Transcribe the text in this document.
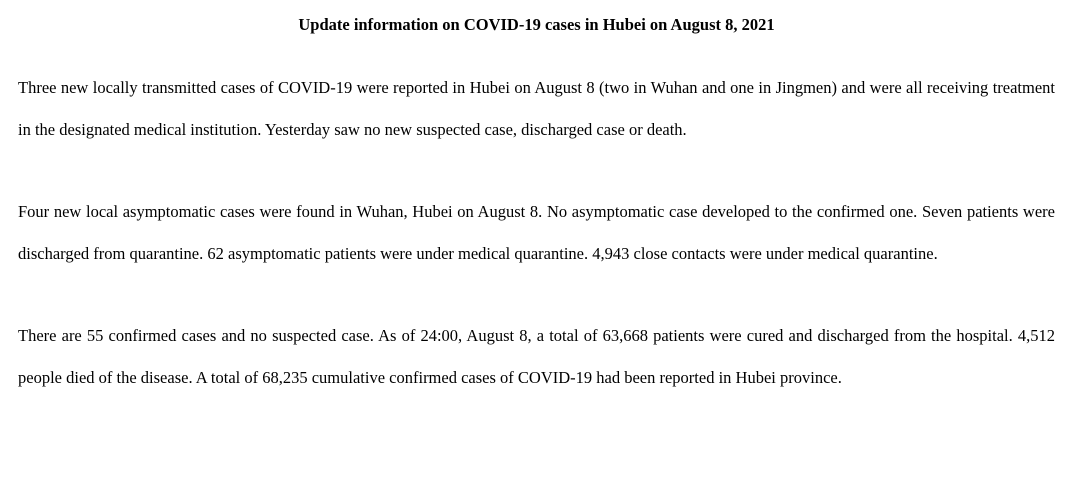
Update information on COVID-19 cases in Hubei on August 8, 2021

Three new locally transmitted cases of COVID-19 were reported in Hubei on August 8 (two in Wuhan and one in Jingmen) and were all receiving treatment in the designated medical institution. Yesterday saw no new suspected case, discharged case or death.

Four new local asymptomatic cases were found in Wuhan, Hubei on August 8. No asymptomatic case developed to the confirmed one. Seven patients were discharged from quarantine. 62 asymptomatic patients were under medical quarantine. 4,943 close contacts were under medical quarantine.

There are 55 confirmed cases and no suspected case. As of 24:00, August 8, a total of 63,668 patients were cured and discharged from the hospital. 4,512 people died of the disease. A total of 68,235 cumulative confirmed cases of COVID-19 had been reported in Hubei province.
